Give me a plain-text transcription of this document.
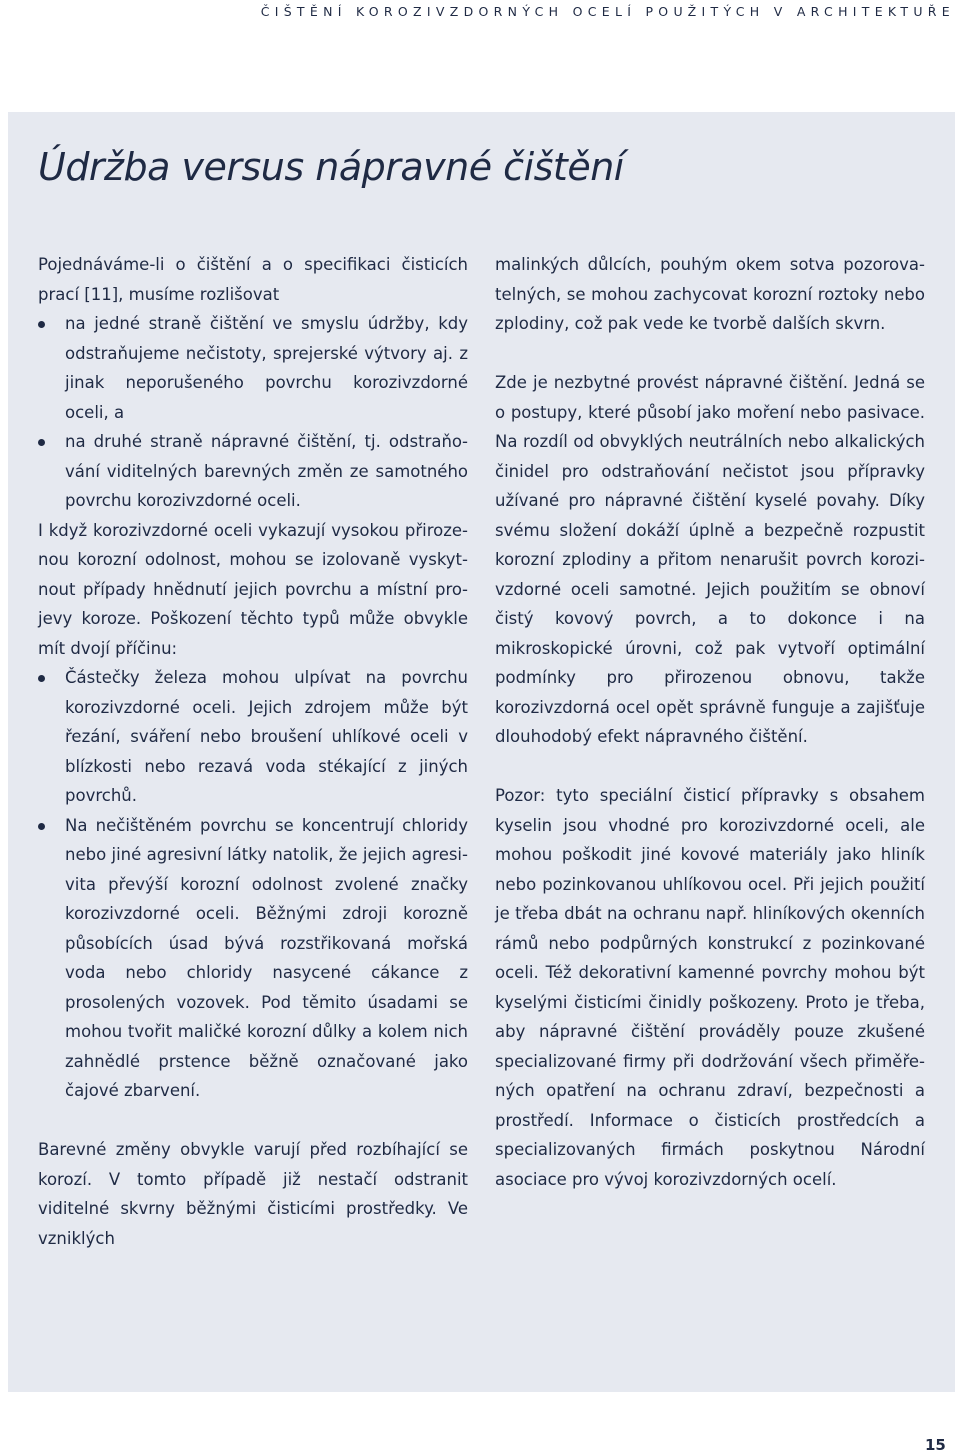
ČIŠTĚNÍ KOROZIVZDORNÝCH OCELÍ POUŽITÝCH V ARCHITEKTUŘE
Údržba versus nápravné čištění

Pojednáváme-li o čištění a o specifikaci čisticích prací [11], musíme rozlišovat

na jedné straně čištění ve smyslu údržby, kdy odstraňujeme nečistoty, sprejerské výtvory aj. z jinak neporušeného povrchu korozivzdorné oceli, a
na druhé straně nápravné čištění, tj. odstraňování viditelných barevných změn ze samotného povrchu korozivzdorné oceli.

I když korozivzdorné oceli vykazují vysokou přirozenou korozní odolnost, mohou se izolovaně vyskytnout případy hnědnutí jejich povrchu a místní projevy koroze. Poškození těchto typů může obvykle mít dvojí příčinu:

Částečky železa mohou ulpívat na povrchu korozivzdorné oceli. Jejich zdrojem může být řezání, sváření nebo broušení uhlíkové oceli v blízkosti nebo rezavá voda stékající z jiných povrchů.
Na nečištěném povrchu se koncentrují chloridy nebo jiné agresivní látky natolik, že jejich agresivita převýší korozní odolnost zvolené značky korozivzdorné oceli. Běžnými zdroji korozně působících úsad bývá rozstřikovaná mořská voda nebo chloridy nasycené cákance z prosolených vozovek. Pod těmito úsadami se mohou tvořit maličké korozní důlky a kolem nich zahnědlé prstence běžně označované jako čajové zbarvení.

Barevné změny obvykle varují před rozbíhající se korozí. V tomto případě již nestačí odstranit viditelné skvrny běžnými čisticími prostředky. Ve vzniklých

malinkých důlcích, pouhým okem sotva pozorovatelných, se mohou zachycovat korozní roztoky nebo zplodiny, což pak vede ke tvorbě dalších skvrn.

Zde je nezbytné provést nápravné čištění. Jedná se o postupy, které působí jako moření nebo pasivace. Na rozdíl od obvyklých neutrálních nebo alkalických činidel pro odstraňování nečistot jsou přípravky užívané pro nápravné čištění kyselé povahy. Díky svému složení dokáží úplně a bezpečně rozpustit korozní zplodiny a přitom nenarušit povrch korozivzdorné oceli samotné. Jejich použitím se obnoví čistý kovový povrch, a to dokonce i na mikroskopické úrovni, což pak vytvoří optimální podmínky pro přirozenou obnovu, takže korozivzdorná ocel opět správně funguje a zajišťuje dlouhodobý efekt nápravného čištění.

Pozor: tyto speciální čisticí přípravky s obsahem kyselin jsou vhodné pro korozivzdorné oceli, ale mohou poškodit jiné kovové materiály jako hliník nebo pozinkovanou uhlíkovou ocel. Při jejich použití je třeba dbát na ochranu např. hliníkových okenních rámů nebo podpůrných konstrukcí z pozinkované oceli. Též dekorativní kamenné povrchy mohou být kyselými čisticími činidly poškozeny. Proto je třeba, aby nápravné čištění prováděly pouze zkušené specializované firmy při dodržování všech přiměřených opatření na ochranu zdraví, bezpečnosti a prostředí. Informace o čisticích prostředcích a specializovaných firmách poskytnou Národní asociace pro vývoj korozivzdorných ocelí.

15
